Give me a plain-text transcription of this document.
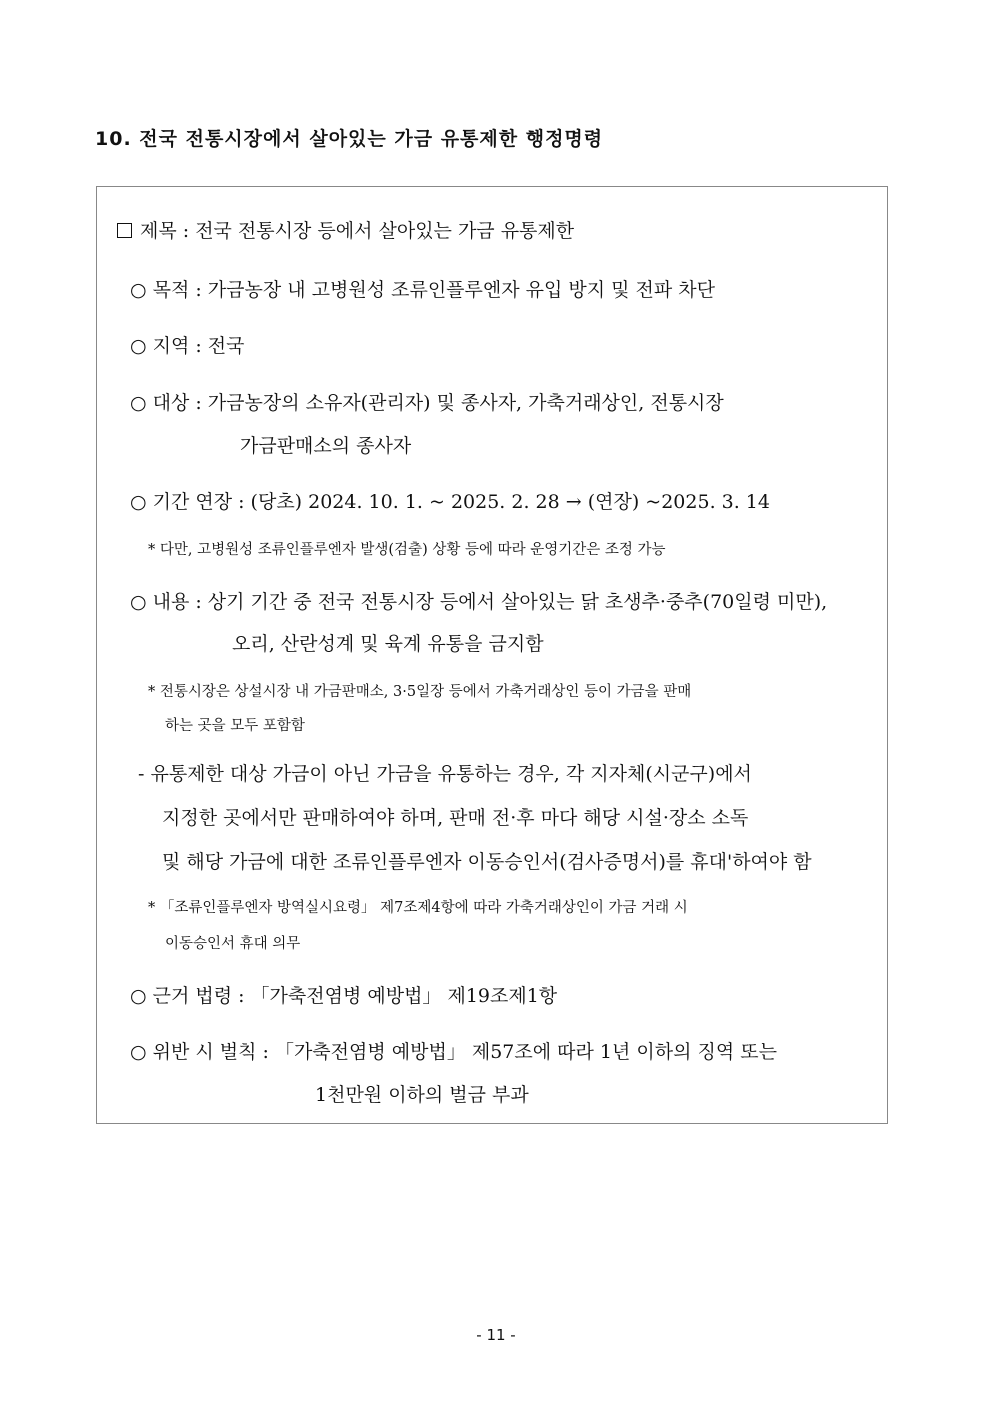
10. 전국 전통시장에서 살아있는 가금 유통제한 행정명령
제목 : 전국 전통시장 등에서 살아있는 가금 유통제한
○ 목적 : 가금농장 내 고병원성 조류인플루엔자 유입 방지 및 전파 차단
○ 지역 : 전국
○ 대상 : 가금농장의 소유자(관리자) 및 종사자, 가축거래상인, 전통시장
가금판매소의 종사자
○ 기간 연장 : (당초) 2024. 10. 1. ~ 2025. 2. 28 → (연장) ~2025. 3. 14
* 다만, 고병원성 조류인플루엔자 발생(검출) 상황 등에 따라 운영기간은 조정 가능
○ 내용 : 상기 기간 중 전국 전통시장 등에서 살아있는 닭 초생추·중추(70일령 미만),
오리, 산란성계 및 육계 유통을 금지함
* 전통시장은 상설시장 내 가금판매소, 3·5일장 등에서 가축거래상인 등이 가금을 판매
하는 곳을 모두 포함함
- 유통제한 대상 가금이 아닌 가금을 유통하는 경우, 각 지자체(시군구)에서
지정한 곳에서만 판매하여야 하며, 판매 전·후 마다 해당 시설·장소 소독
및 해당 가금에 대한 조류인플루엔자 이동승인서(검사증명서)를 휴대'하여야 함
* 「조류인플루엔자 방역실시요령」 제7조제4항에 따라 가축거래상인이 가금 거래 시
이동승인서 휴대 의무
○ 근거 법령 : 「가축전염병 예방법」 제19조제1항
○ 위반 시 벌칙 : 「가축전염병 예방법」 제57조에 따라 1년 이하의 징역 또는
1천만원 이하의 벌금 부과
- 11 -
